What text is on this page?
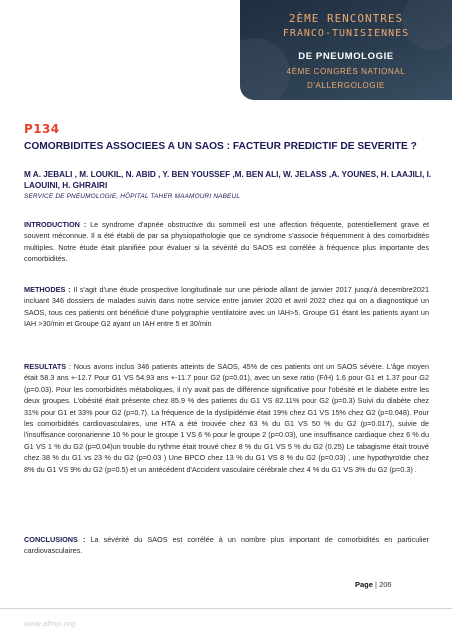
2ÈME RENCONTRES
FRANCO-TUNISIENNES
DE PNEUMOLOGIE
4ÈME CONGRÈS NATIONAL
D'ALLERGOLOGIE
P134
COMORBIDITES ASSOCIEES A UN SAOS : FACTEUR PREDICTIF DE SEVERITE ?
M A. JEBALI , M. LOUKIL, N. ABID , Y. BEN YOUSSEF ,M. BEN ALI, W. JELASS ,A. YOUNES, H. LAAJILI, I. LAOUINI, H. GHRAIRI
SERVICE DE PNEUMOLOGIE, HÔPITAL TAHER MAAMOURI NABEUL

INTRODUCTION : Le syndrome d'apnée obstructive du sommeil est une affection fréquente, potentiellement grave et souvent méconnue. Il a été établi de par sa physiopathologie que ce syndrome s'associe fréquemment à des comorbidités multiples. Notre étude était planifiée pour évaluer si la sévérité du SAOS est corrélée à fréquence plus importante des comorbidités.

METHODES : Il s'agit d'une étude prospective longitudinale sur une période allant de janvier 2017 jusqu'à decembre2021 incluant 346 dossiers de malades suivis dans notre service entre janvier 2020 et avril 2022 chez qui on a diagnostiqué un SAOS, tous ces patients ont bénéficié d'une polygraphie ventilatoire avec un IAH>5. Groupe G1 étant les patients ayant un IAH >30/min et Groupe G2 ayant un IAH entre 5 et 30/min

RESULTATS : Nous avons inclus 346 patients atteints de SAOS, 45% de ces patients ont un SAOS sévère. L'âge moyen était 58.3 ans +-12.7 Pour G1 VS 54.93 ans +-11.7 pour G2 (p=0.01), avec un sexe ratio (F/H) 1.6 pour G1 et 1.37 pour G2 (p=0.03). Pour les comorbidités métaboliques, il n'y avait pas de différence significative pour l'obésité et le diabète entre les deux groupes. L'obésité était présente chez 85.9 % des patients du G1 VS 82.11% pour G2 (p=0.3) Suivi du diabète chez 31% pour G1 et 33% pour G2 (p=0.7). La fréquence de la dyslipidémie était 19% chez G1 VS 15% chez G2 (p=0.048). Pour les comorbidités cardiovasculaires, une HTA a été trouvée chez 63 % du G1 VS 50 % du G2 (p=0.017), suivie de l'insuffisance coronarienne 10 % pour le groupe 1 VS 6 % pour le groupe 2 (p=0.03), une insuffisance cardiaque chez 6 % du G1 VS 1 % du G2 (p=0.04)un trouble du rythme était trouvé chez 8 % du G1 VS 5 % du G2 (0.25) Le tabagisme était trouvé chez 38 % du G1 vs 23 % du G2 (p=0.03 ) Une BPCO chez 13 % du G1 VS 8 % du G2 (p=0.03) , une hypothyroïdie chez 8% du G1 VS 9% du G2 (p=0.5) et un antécédent d'Accident vasculaire cérébrale chez 4 % du G1 VS 3% du G2 (p=0.3) .

CONCLUSIONS : La sévérité du SAOS est corrélée à un nombre plus important de comorbidités en particulier cardiovasculaires.

Page | 206
www.aftnp.org
